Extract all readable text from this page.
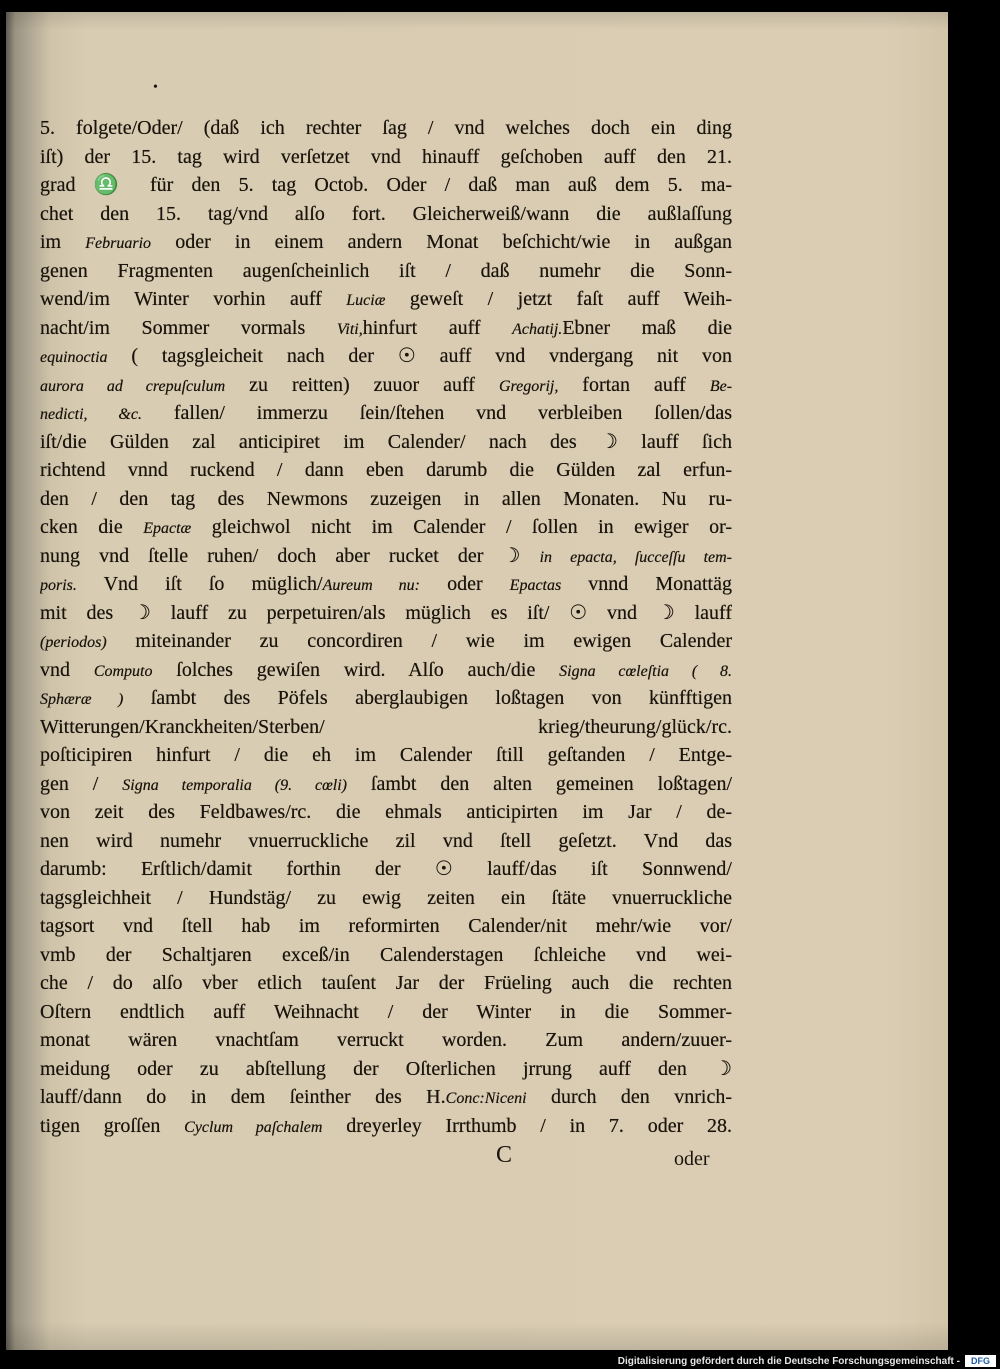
•
5. folgete/Oder/ (daß ich rechter ſag / vnd welches doch ein ding
iſt) der 15. tag wird verſetzet vnd hinauff geſchoben auff den 21.
grad ♎ für den 5. tag Octob. Oder / daß man auß dem 5. ma-
chet den 15. tag/vnd alſo fort. Gleicherweiß/wann die außlaſſung
im Februario oder in einem andern Monat beſchicht/wie in außgan
genen Fragmenten augenſcheinlich iſt / daß numehr die Sonn-
wend/im Winter vorhin auff Luciæ geweſt / jetzt faſt auff Weih-
nacht/im Sommer vormals Viti,hinfurt auff Achatij.Ebner maß die
equinoctia ( tagsgleicheit nach der ☉ auff vnd vndergang nit von
aurora ad crepuſculum zu reitten) zuuor auff Gregorij, fortan auff Be-
nedicti, &c. fallen/ immerzu ſein/ſtehen vnd verbleiben ſollen/das
iſt/die Gülden zal anticipiret im Calender/ nach des ☽ lauff ſich
richtend vnnd ruckend / dann eben darumb die Gülden zal erfun-
den / den tag des Newmons zuzeigen in allen Monaten. Nu ru-
cken die Epactæ gleichwol nicht im Calender / ſollen in ewiger or-
nung vnd ſtelle ruhen/ doch aber rucket der ☽ in epacta, ſucceſſu tem-
poris. Vnd iſt ſo müglich/Aureum nu: oder Epactas vnnd Monattäg
mit des ☽ lauff zu perpetuiren/als müglich es iſt/ ☉ vnd ☽ lauff
(periodos) miteinander zu concordiren / wie im ewigen Calender
vnd Computo ſolches gewiſen wird. Alſo auch/die Signa cœleſtia ( 8.
Sphæræ ) ſambt des Pöfels aberglaubigen loßtagen von künfftigen
Witterungen/Kranckheiten/Sterben/ krieg/theurung/glück/rc.
poſticipiren hinfurt / die eh im Calender ſtill geſtanden / Entge-
gen / Signa temporalia (9. cœli) ſambt den alten gemeinen loßtagen/
von zeit des Feldbawes/rc. die ehmals anticipirten im Jar / de-
nen wird numehr vnuerruckliche zil vnd ſtell geſetzt. Vnd das
darumb: Erſtlich/damit forthin der ☉ lauff/das iſt Sonnwend/
tagsgleichheit / Hundstäg/ zu ewig zeiten ein ſtäte vnuerruckliche
tagsort vnd ſtell hab im reformirten Calender/nit mehr/wie vor/
vmb der Schaltjaren exceß/in Calenderstagen ſchleiche vnd wei-
che / do alſo vber etlich tauſent Jar der Früeling auch die rechten
Oſtern endtlich auff Weihnacht / der Winter in die Sommer-
monat wären vnachtſam verruckt worden. Zum andern/zuuer-
meidung oder zu abſtellung der Oſterlichen jrrung auff den ☽
lauff/dann do in dem ſeinther des H.Conc:Niceni durch den vnrich-
tigen groſſen Cyclum paſchalem dreyerley Irrthumb / in 7. oder 28.
C	oder
Digitalisierung gefördert durch die Deutsche Forschungsgemeinschaft -	DFG
